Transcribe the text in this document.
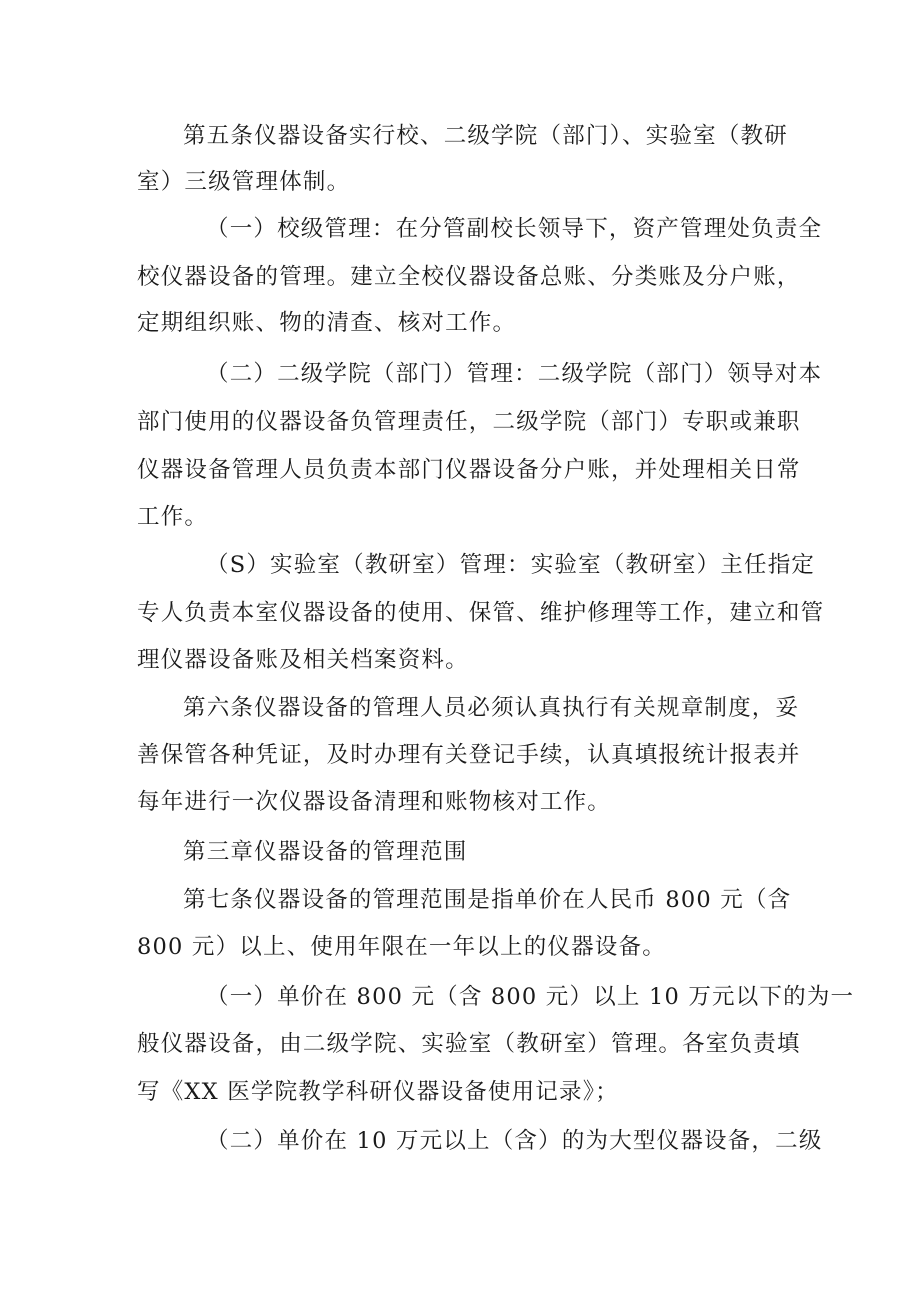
第五条仪器设备实行校、二级学院（部门）、实验室（教研
室）三级管理体制。
（一）校级管理：在分管副校长领导下，资产管理处负责全
校仪器设备的管理。建立全校仪器设备总账、分类账及分户账，
定期组织账、物的清查、核对工作。
（二）二级学院（部门）管理：二级学院（部门）领导对本
部门使用的仪器设备负管理责任，二级学院（部门）专职或兼职
仪器设备管理人员负责本部门仪器设备分户账，并处理相关日常
工作。
（S）实验室（教研室）管理：实验室（教研室）主任指定
专人负责本室仪器设备的使用、保管、维护修理等工作，建立和管
理仪器设备账及相关档案资料。
第六条仪器设备的管理人员必须认真执行有关规章制度，妥
善保管各种凭证，及时办理有关登记手续，认真填报统计报表并
每年进行一次仪器设备清理和账物核对工作。
第三章仪器设备的管理范围
第七条仪器设备的管理范围是指单价在人民币 800 元（含
800 元）以上、使用年限在一年以上的仪器设备。
（一）单价在 800 元（含 800 元）以上 10 万元以下的为一
般仪器设备，由二级学院、实验室（教研室）管理。各室负责填
写《XX 医学院教学科研仪器设备使用记录》；
（二）单价在 10 万元以上（含）的为大型仪器设备，二级
